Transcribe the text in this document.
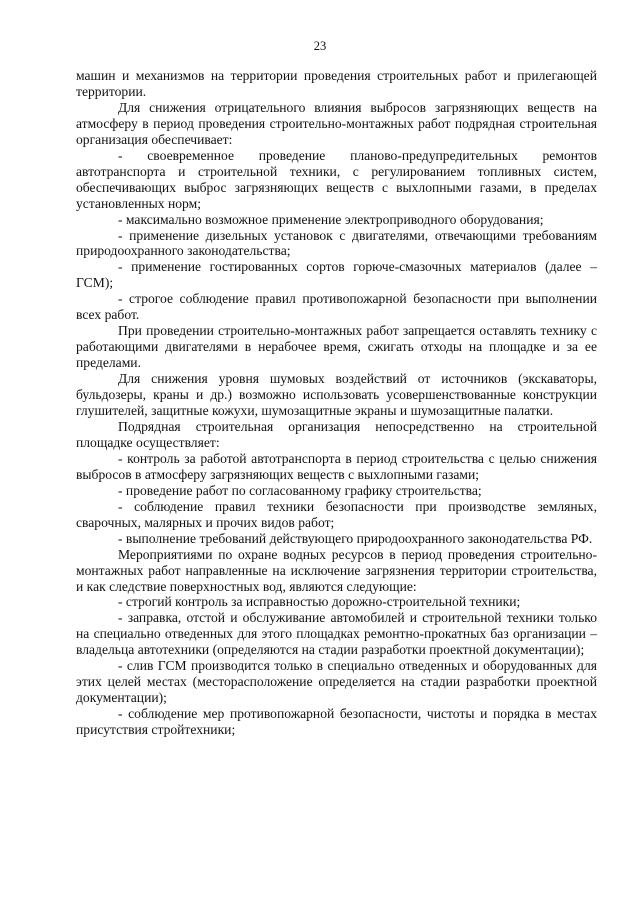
23

машин и механизмов на территории проведения строительных работ и прилегающей территории.

Для снижения отрицательного влияния выбросов загрязняющих веществ на атмосферу в период проведения строительно-монтажных работ подрядная строительная организация обеспечивает:

- своевременное проведение планово-предупредительных ремонтов автотранспорта и строительной техники, с регулированием топливных систем, обеспечивающих выброс загрязняющих веществ с выхлопными газами, в пределах установленных норм;

- максимально возможное применение электроприводного оборудования;

- применение дизельных установок с двигателями, отвечающими требованиям природоохранного законодательства;

- применение гостированных сортов горюче-смазочных материалов (далее – ГСМ);

- строгое соблюдение правил противопожарной безопасности при выполнении всех работ.

При проведении строительно-монтажных работ запрещается оставлять технику с работающими двигателями в нерабочее время, сжигать отходы на площадке и за ее пределами.

Для снижения уровня шумовых воздействий от источников (экскаваторы, бульдозеры, краны и др.) возможно использовать усовершенствованные конструкции глушителей, защитные кожухи, шумозащитные экраны и шумозащитные палатки.

Подрядная строительная организация непосредственно на строительной площадке осуществляет:

- контроль за работой автотранспорта в период строительства с целью снижения выбросов в атмосферу загрязняющих веществ с выхлопными газами;

- проведение работ по согласованному графику строительства;

- соблюдение правил техники безопасности при производстве земляных, сварочных, малярных и прочих видов работ;

- выполнение требований действующего природоохранного законодательства РФ.

Мероприятиями по охране водных ресурсов в период проведения строительно-монтажных работ направленные на исключение загрязнения территории строительства, и как следствие поверхностных вод, являются следующие:

- строгий контроль за исправностью дорожно-строительной техники;

- заправка, отстой и обслуживание автомобилей и строительной техники только на специально отведенных для этого площадках ремонтно-прокатных баз организации – владельца автотехники (определяются на стадии разработки проектной документации);

- слив ГСМ производится только в специально отведенных и оборудованных для этих целей местах (месторасположение определяется на стадии разработки проектной документации);

- соблюдение мер противопожарной безопасности, чистоты и порядка в местах присутствия стройтехники;
